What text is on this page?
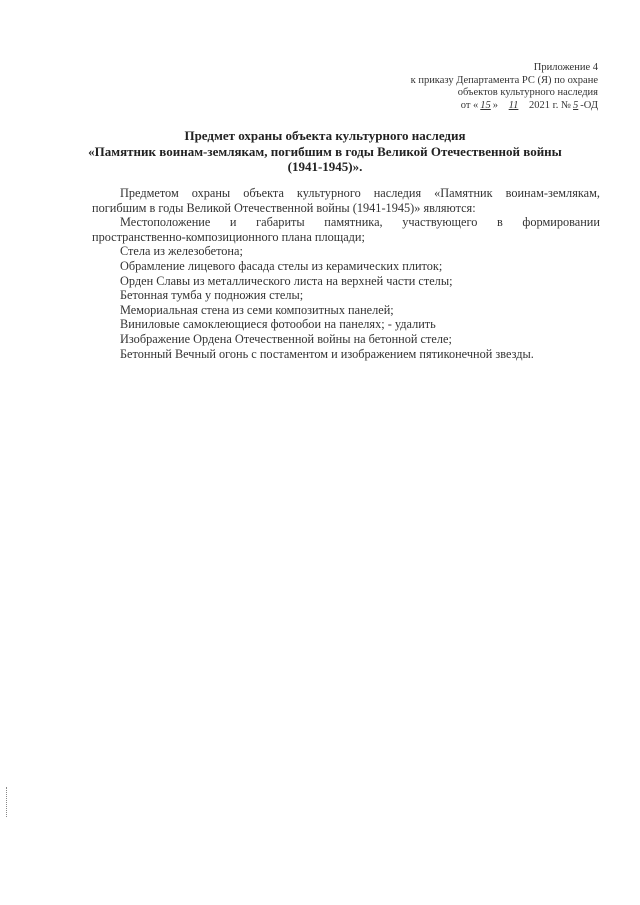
Приложение 4
к приказу Департамента РС (Я) по охране
объектов культурного наследия
от « 15 » 11 2021 г. № 5 -ОД
Предмет охраны объекта культурного наследия
«Памятник воинам-землякам, погибшим в годы Великой Отечественной войны
(1941-1945)».
Предметом охраны объекта культурного наследия «Памятник воинам-землякам,
погибшим в годы Великой Отечественной войны (1941-1945)» являются:
Местоположение и габариты памятника, участвующего в формировании
пространственно-композиционного плана площади;
Стела из железобетона;
Обрамление лицевого фасада стелы из керамических плиток;
Орден Славы из металлического листа на верхней части стелы;
Бетонная тумба у подножия стелы;
Мемориальная стена из семи композитных панелей;
Виниловые самоклеющиеся фотообои на панелях; - удалить
Изображение Ордена Отечественной войны на бетонной стеле;
Бетонный Вечный огонь с постаментом и изображением пятиконечной звезды.
